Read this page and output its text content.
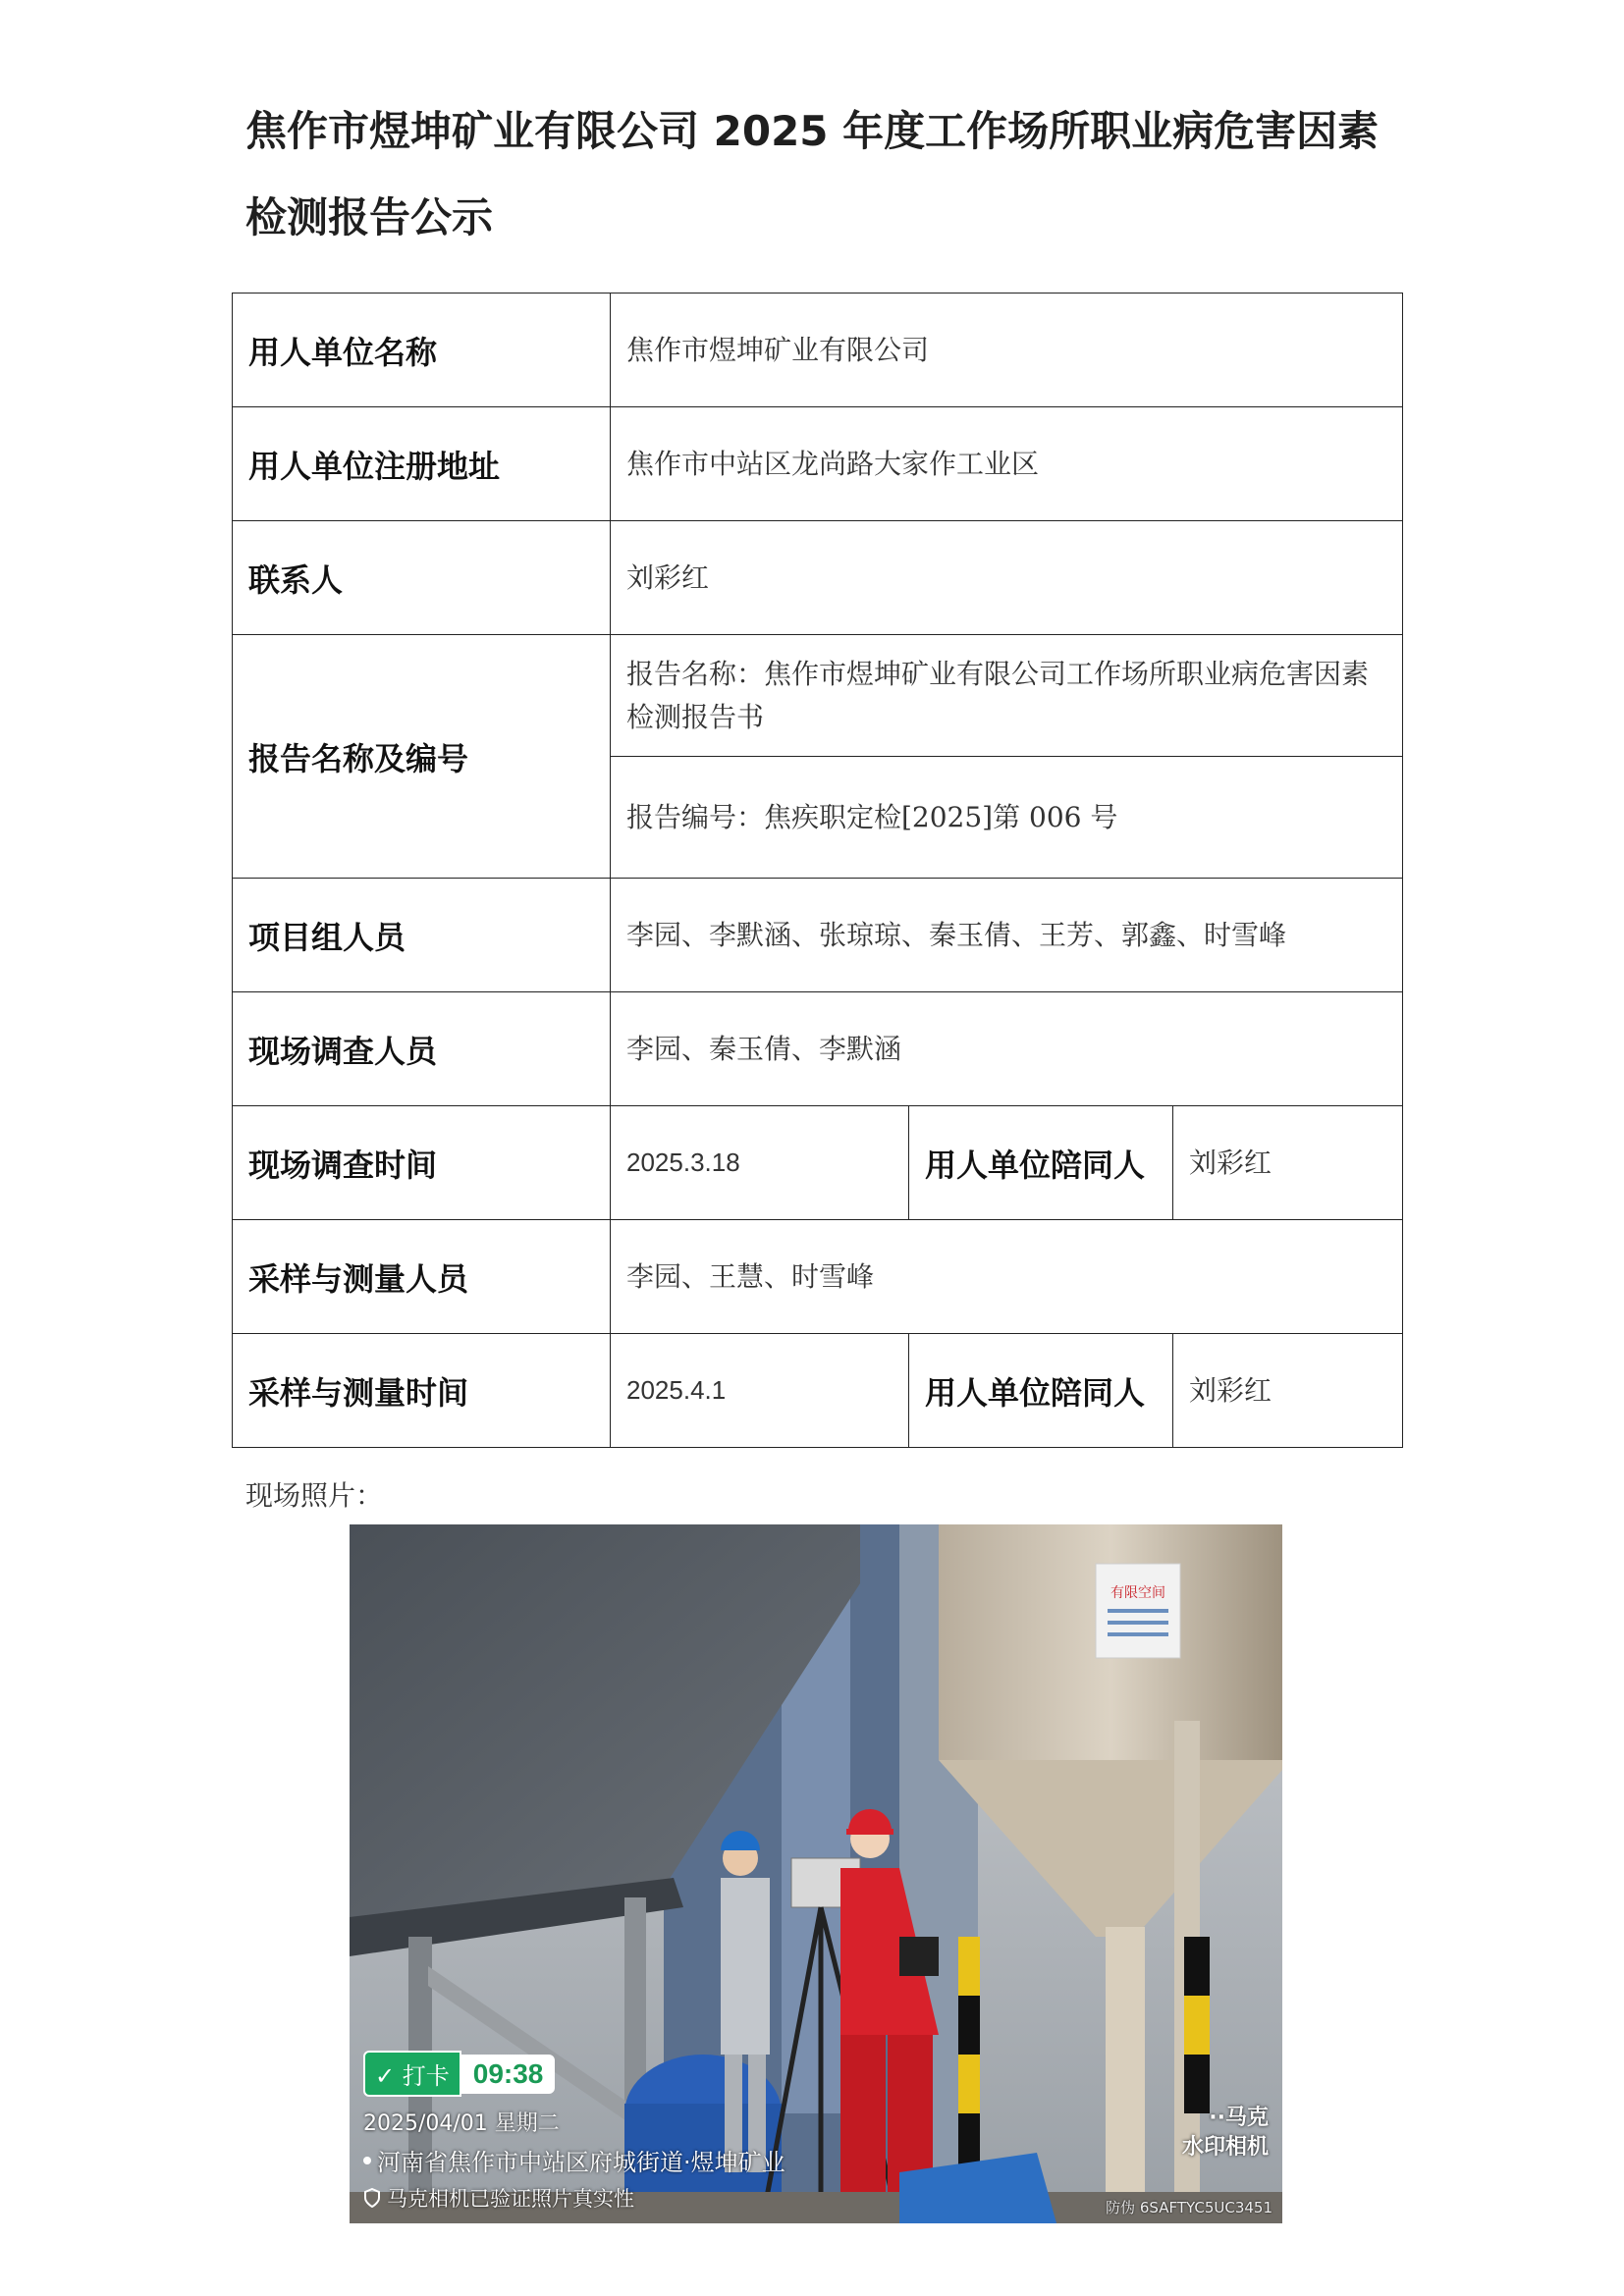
焦作市煜坤矿业有限公司 2025 年度工作场所职业病危害因素检测报告公示
用人单位名称	焦作市煜坤矿业有限公司		
用人单位注册地址	焦作市中站区龙尚路大家作工业区		
联系人	刘彩红		
报告名称及编号	报告名称：焦作市煜坤矿业有限公司工作场所职业病危害因素检测报告书		
	报告编号：焦疾职定检[2025]第 006 号		
项目组人员	李园、李默涵、张琼琼、秦玉倩、王芳、郭鑫、时雪峰		
现场调查人员	李园、秦玉倩、李默涵		
现场调查时间	2025.3.18	用人单位陪同人	刘彩红
采样与测量人员	李园、王慧、时雪峰		
采样与测量时间	2025.4.1	用人单位陪同人	刘彩红
现场照片：
有限空间
✓ 打卡 09:38
2025/04/01 星期二
河南省焦作市中站区府城街道·煜坤矿业
马克相机已验证照片真实性
··马克
水印相机
防伪 6SAFTYC5UC3451
